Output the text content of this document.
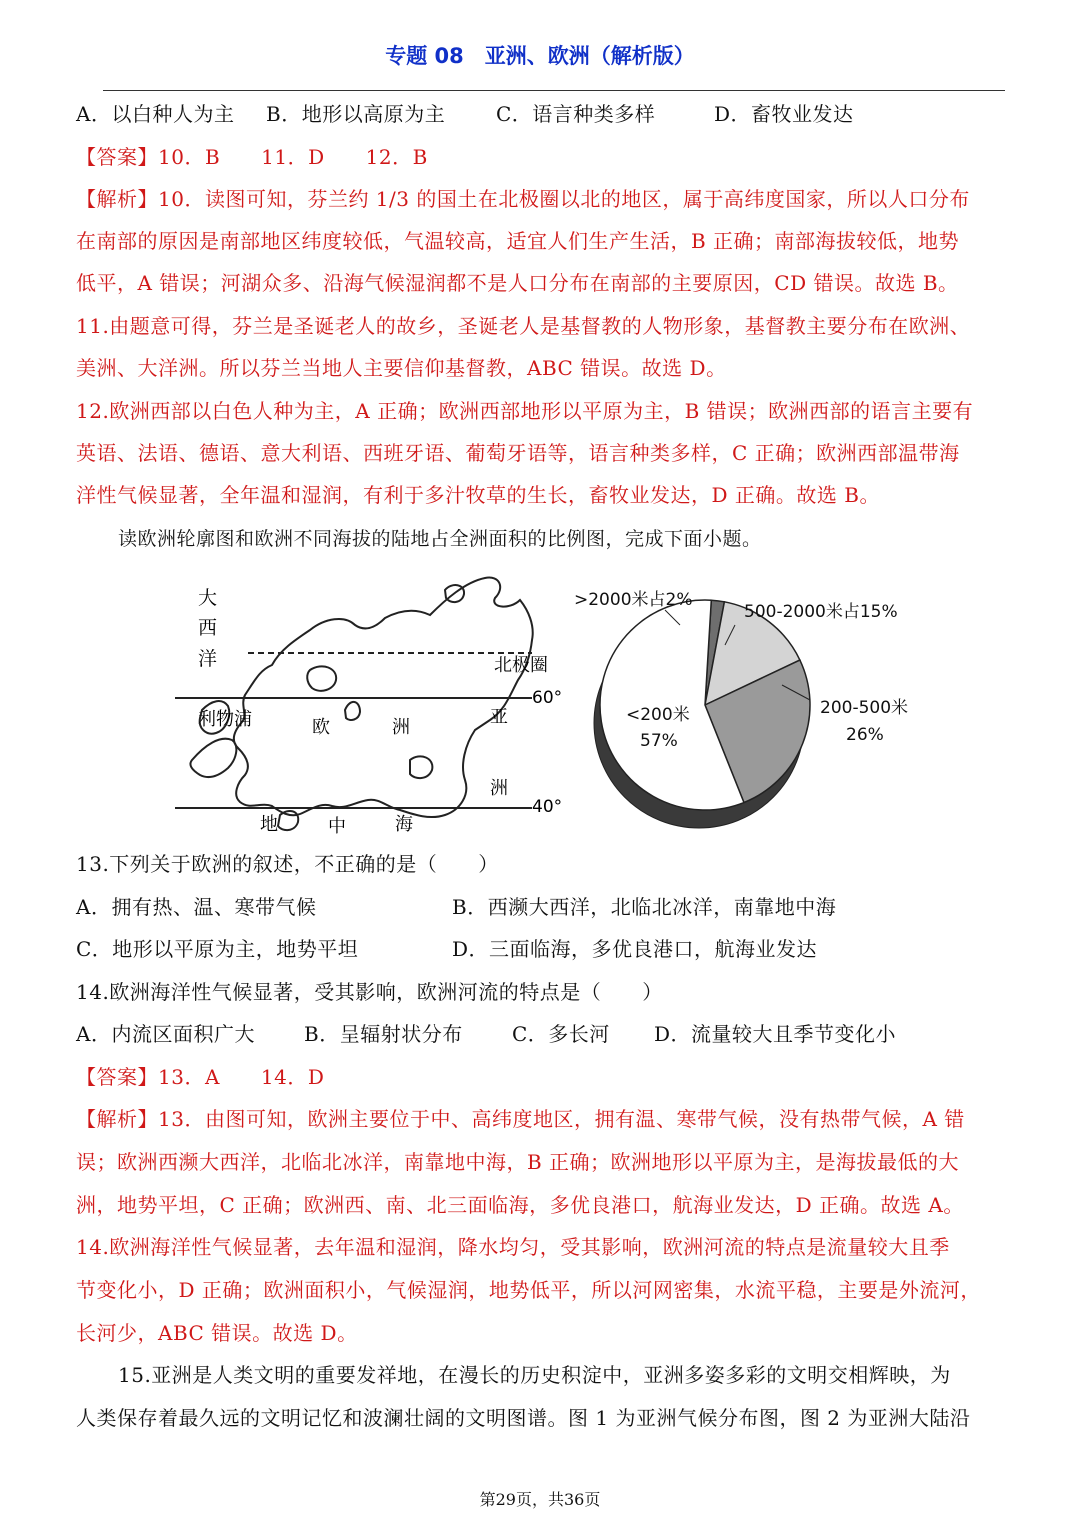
专题 08　亚洲、欧洲（解析版）
A．以白种人为主 B．地形以高原为主	C．语言种类多样	D．畜牧业发达
【答案】10．B　　11．D　　12．B
【解析】10．读图可知，芬兰约 1/3 的国土在北极圈以北的地区，属于高纬度国家，所以人口分布
在南部的原因是南部地区纬度较低，气温较高，适宜人们生产生活，B 正确；南部海拔较低，地势
低平，A 错误；河湖众多、沿海气候湿润都不是人口分布在南部的主要原因，CD 错误。故选 B。
11.由题意可得，芬兰是圣诞老人的故乡，圣诞老人是基督教的人物形象，基督教主要分布在欧洲、
美洲、大洋洲。所以芬兰当地人主要信仰基督教，ABC 错误。故选 D。
12.欧洲西部以白色人种为主，A 正确；欧洲西部地形以平原为主，B 错误；欧洲西部的语言主要有
英语、法语、德语、意大利语、西班牙语、葡萄牙语等，语言种类多样，C 正确；欧洲西部温带海
洋性气候显著，全年温和湿润，有利于多汁牧草的生长，畜牧业发达，D 正确。故选 B。
读欧洲轮廓图和欧洲不同海拔的陆地占全洲面积的比例图，完成下面小题。
大
西
洋	北极圈
60°
40°
利物浦	欧	洲	亚
洲
地	中	海
>2000米占2%
500-2000米占15%
200-500米
26%
<200米
57%
13.下列关于欧洲的叙述，不正确的是（　　）
A．拥有热、温、寒带气候	B．西濒大西洋，北临北冰洋，南靠地中海
C．地形以平原为主，地势平坦	D．三面临海，多优良港口，航海业发达
14.欧洲海洋性气候显著，受其影响，欧洲河流的特点是（　　）
A．内流区面积广大 B．呈辐射状分布 C．多长河 D．流量较大且季节变化小
【答案】13．A　　14．D
【解析】13．由图可知，欧洲主要位于中、高纬度地区，拥有温、寒带气候，没有热带气候，A 错
误；欧洲西濒大西洋，北临北冰洋，南靠地中海，B 正确；欧洲地形以平原为主，是海拔最低的大
洲，地势平坦，C 正确；欧洲西、南、北三面临海，多优良港口，航海业发达，D 正确。故选 A。
14.欧洲海洋性气候显著，去年温和湿润，降水均匀，受其影响，欧洲河流的特点是流量较大且季
节变化小，D 正确；欧洲面积小，气候湿润，地势低平，所以河网密集，水流平稳，主要是外流河，
长河少，ABC 错误。故选 D。
15.亚洲是人类文明的重要发祥地，在漫长的历史积淀中，亚洲多姿多彩的文明交相辉映，为
人类保存着最久远的文明记忆和波澜壮阔的文明图谱。图 1 为亚洲气候分布图，图 2 为亚洲大陆沿
第29页，共36页
